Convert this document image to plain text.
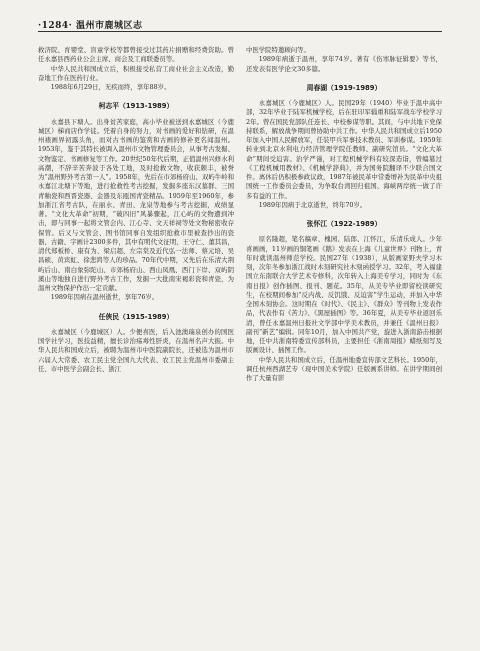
·1284· 温州市鹿城区志

救济院、育婴堂、盲童学校等都曾接受过其药片捐赠和经费资助。曾任永嘉县西药业公会主席、商会及工商联委员等。

中华人民共和国成立后，积极接受私营工商业社会主义改造，勤奋地工作在医药行业。

1988年6月29日，无疾而终，享年88岁。

柯志平（1913-1989）

永嘉县下塘人。出身贫苦家庭，高小毕业被送到永嘉城区（今鹿城区）梯商店作学徒。凭着自身的努力，对书画的爱好和钻研，在温州裱画界初露头角，而对古书画的鉴赏和古画的修补更名闻温州。1953年，鉴于其特长被调入温州市文物管理委员会，从事考古发掘、文物鉴定、书画修复等工作。20世纪50年代后期，正值温州兴修水利高潮，不辞辛苦奔波于各处工地，及时抢救文物，收获颇丰，被誉为“温州野外考古第一人”。1958年，先后在市郊杨府山、双屿牛岭和永嘉江北塘下等地，进行抢救性考古挖掘，发掘多座东汉墓群、三国青釉瓷和西晋瓷器、金器及东瓯国青瓷精品。1959年至1960年，参加浙江省考古队，在丽水、青田、龙泉等地参与考古挖掘，成绩显著。“文化大革命”初期，“破四旧”风暴骤起，江心屿的文物遭到冲击，即与同事一起将文管会内、江心寺、文天祥祠等处文物秘密收存保管。后又与文管会、图书馆同事自发组织抢救市里被查抄出的瓷器、古籍、字画计2300多件，其中有明代文征明、王守仁、董其昌，清代郑板桥、康有为、梁启超、左宗棠及近代弘一法师、蔡元培、吴昌硕、黄宾虹、徐悲鸿等人的珍品。70年代中期，又先后在乐清大荆屿后山、南白象弥陀山、市郊杨府山、西山凤凰、西门下岸、双屿阴溪山等地独自进行野外考古工作，发掘一大批南宋褐彩瓷和青瓷，为温州文物保护作出一定贡献。

1989年因病在温州逝世，享年76岁。

任俠民（1915-1989）

永嘉城区（今鹿城区）人。少便喜医，后入池澳瑞泉创办的国医国学社学习，医技益精，擅长诊治疡毒性肝炎，在温州名声大振。中华人民共和国成立后，被聘为温州市中医院副院长，还被选为温州市六届人大常委、农工民主党全国九大代表、农工民主党温州市委副主任、市中医学会副会长、浙江

中医学院特邀顾问等。

1989年病逝于温州，享年74岁。著有《伤寒脉征辑要》等书，还发表有医学论文30多篇。

周春湖（1919-1989）

永嘉城区（今鹿城区）人。民国29年（1940）毕业于温中高中部，32年毕业于陆军机械学校，后在驻印军辎重和陆军战车学校学习2年。曾在国民党部队任连长、中校参谋等职。其间，与中共地下党保持联系，解放战争期间曾协助中共工作。中华人民共和国成立后1950年加入中国人民解放军，任装甲兵军事技术教员、军训参谋。1959年转业到北京水利电力经济管理学院任教师、副研究馆员。“文化大革命”期间受迫害。治学严谨，对工程机械学科有较深造诣，曾编纂过《工程机械用教材》、《机械学辞典》，并为国务院翻译不少联合国文件。离休后仍积极参政议政，1987年被民革中常委增补为民革中央祖国统一工作委员会委员，为争取台湾回归祖国、海峡两岸统一做了许多有益的工作。

1989年因病于北京逝世，终年70岁。

张怀江（1922-1989）

原名隆超，笔名稿章、槐园、陆郎、江怀江，乐清乐成人。少年喜画画，11岁画的铜笔画《鹅》发表在上海《儿童世界》刊物上，青年时就读温州师范学校。民国27年（1938），从版画家野夫学习木刻，次年冬参加浙江战时木刻研究社木刻函授学习。32年，考入福建国立东南联合大学艺术专修科，次年转入上海美专学习，同时为《东南日报》创作插图、报刊、题花。35年，从美专毕业即留校读研究生，在校期间参加“反内战、反饥饿、反迫害”学生运动，并加入中华全国木刻协会。这时期在《时代》、《民主》、《群众》等刊物上发表作品，代表作有《苦力》、《黑屋插图》等。36年夏，从美专毕业返回乐清，曾任永嘉温州日报社文学部中学美术教员，并兼任《温州日报》副刊“新艺”编辑。同年10月，加入中国共产党，旋进入浙南游击根据地，任中共浙南特委宣传部科员，主要担任《浙南周报》蜡纸刻写及版画设计、插图工作。

中华人民共和国成立后，任温州地委宣传部文艺科长。1950年，调任杭州西湖艺专（现中国美术学院）任版画系讲师。在讲学期间创作了大量有影
